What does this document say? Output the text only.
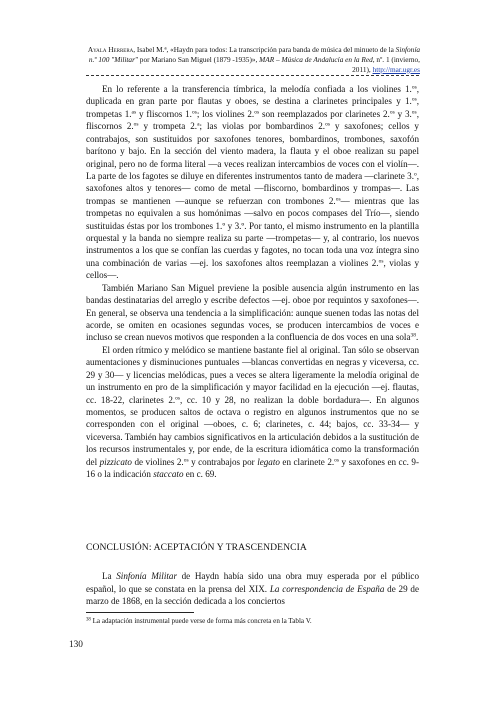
Ayala Herrera, Isabel M.ª, «Haydn para todos: La transcripción para banda de música del minueto de la Sinfonía n.º 100 "Militar" por Mariano San Miguel (1879 -1935)», MAR – Música de Andalucía en la Red, nº. 1 (invierno, 2011), http://mar.ugr.es

En lo referente a la transferencia tímbrica, la melodía confiada a los violines 1.$^{os}$, duplicada en gran parte por flautas y oboes, se destina a clarinetes principales y 1.$^{os}$, trompetas 1.$^{as}$ y fliscornos 1.$^{os}$; los violines 2.$^{os}$ son reemplazados por clarinetes 2.$^{os}$ y 3.$^{os}$, fliscornos 2.$^{os}$ y trompeta 2.$^a$; las violas por bombardinos 2.$^{os}$ y saxofones; cellos y contrabajos, son sustituidos por saxofones tenores, bombardinos, trombones, saxofón barítono y bajo. En la sección del viento madera, la flauta y el oboe realizan su papel original, pero no de forma literal —a veces realizan intercambios de voces con el violín—. La parte de los fagotes se diluye en diferentes instrumentos tanto de madera —clarinete 3.$^o$, saxofones altos y tenores— como de metal —fliscorno, bombardinos y trompas—. Las trompas se mantienen —aunque se refuerzan con trombones 2.$^{os}$— mientras que las trompetas no equivalen a sus homónimas —salvo en pocos compases del Trío—, siendo sustituidas éstas por los trombones 1.º y 3.º. Por tanto, el mismo instrumento en la plantilla orquestal y la banda no siempre realiza su parte —trompetas— y, al contrario, los nuevos instrumentos a los que se confían las cuerdas y fagotes, no tocan toda una voz íntegra sino una combinación de varias —ej. los saxofones altos reemplazan a violines 2.$^{os}$, violas y cellos—.

También Mariano San Miguel previene la posible ausencia algún instrumento en las bandas destinatarias del arreglo y escribe defectos —ej. oboe por requintos y saxofones—. En general, se observa una tendencia a la simplificación: aunque suenen todas las notas del acorde, se omiten en ocasiones segundas voces, se producen intercambios de voces e incluso se crean nuevos motivos que responden a la confluencia de dos voces en una sola$^{38}$.

El orden rítmico y melódico se mantiene bastante fiel al original. Tan sólo se observan aumentaciones y disminuciones puntuales —blancas convertidas en negras y viceversa, cc. 29 y 30— y licencias melódicas, pues a veces se altera ligeramente la melodía original de un instrumento en pro de la simplificación y mayor facilidad en la ejecución —ej. flautas, cc. 18-22, clarinetes 2.$^{os}$, cc. 10 y 28, no realizan la doble bordadura—. En algunos momentos, se producen saltos de octava o registro en algunos instrumentos que no se corresponden con el original —oboes, c. 6; clarinetes, c. 44; bajos, cc. 33-34— y viceversa. También hay cambios significativos en la articulación debidos a la sustitución de los recursos instrumentales y, por ende, de la escritura idiomática como la transformación del pizzicato de violines 2.$^{os}$ y contrabajos por legato en clarinete 2.$^{os}$ y saxofones en cc. 9-16 o la indicación staccato en c. 69.

CONCLUSIÓN: ACEPTACIÓN Y TRASCENDENCIA

La Sinfonía Militar de Haydn había sido una obra muy esperada por el público español, lo que se constata en la prensa del XIX. La correspondencia de España de 29 de marzo de 1868, en la sección dedicada a los conciertos

$^{38}$ La adaptación instrumental puede verse de forma más concreta en la Tabla V.
130
